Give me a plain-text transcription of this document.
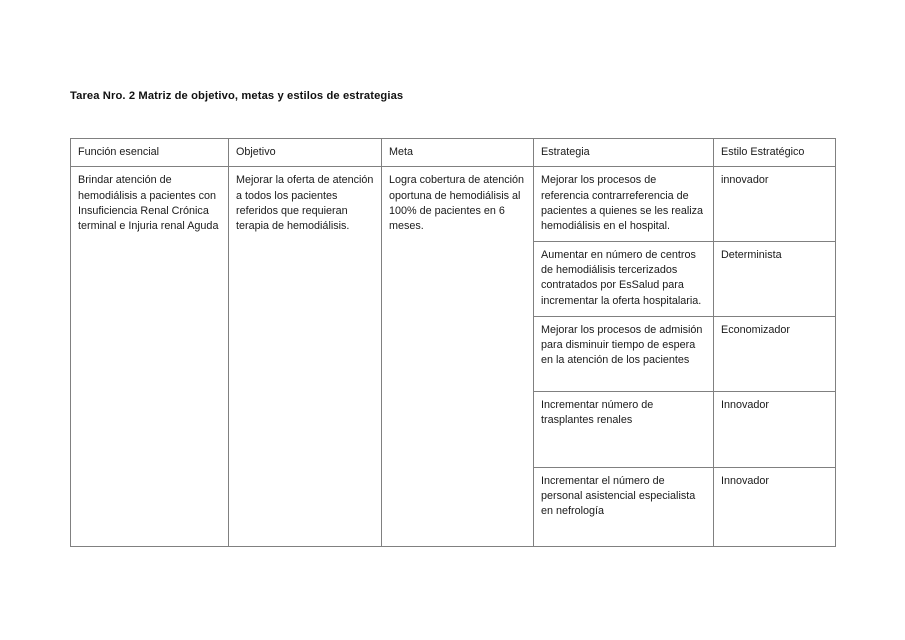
Tarea Nro. 2 Matriz de objetivo, metas y estilos de estrategias
Función esencial	Objetivo	Meta	Estrategia	Estilo Estratégico
Brindar atención de hemodiálisis a pacientes con Insuficiencia Renal Crónica terminal e Injuria renal Aguda	Mejorar la oferta de atención a todos los pacientes referidos que requieran terapia de hemodiálisis.	Logra cobertura de atención oportuna de hemodiálisis al 100% de pacientes en 6 meses.	Mejorar los procesos de referencia contrarreferencia de pacientes a quienes se les realiza hemodiálisis en el hospital.	innovador
			Aumentar en número de centros de hemodiálisis tercerizados contratados por EsSalud para incrementar la oferta hospitalaria.	Determinista
			Mejorar los procesos de admisión para disminuir tiempo de espera en la atención de los pacientes	Economizador
			Incrementar número de trasplantes renales	Innovador
			Incrementar el número de personal asistencial especialista en nefrología	Innovador
